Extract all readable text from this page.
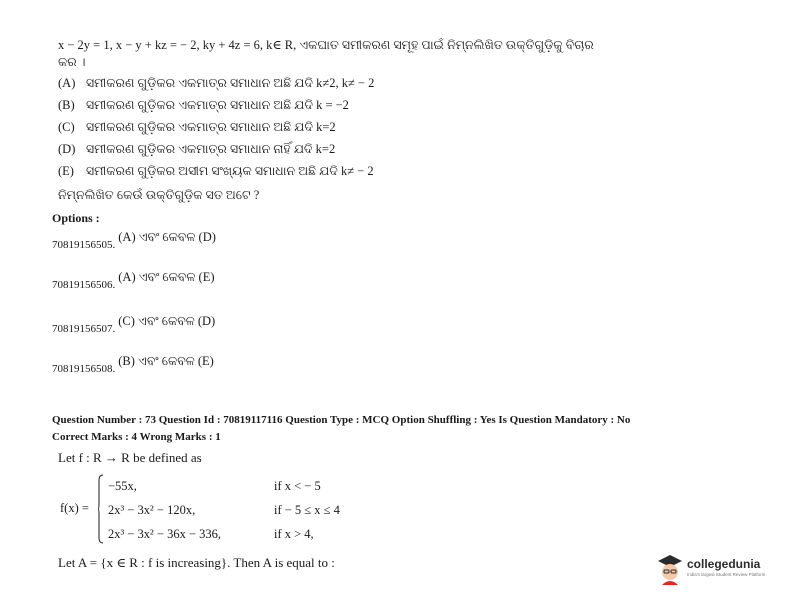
x − 2y = 1, x − y + kz = − 2, ky + 4z = 6, k∈ R, ଏକଘାତ ସମୀକରଣ ସମୂହ ପାଇଁ ନିମ୍ନଲିଖିତ ଉକ୍ତିଗୁଡ଼ିକୁ ବିଚାର
କର ।
(A) ସମୀକରଣ ଗୁଡ଼ିକର ଏକମାତ୍ର ସମାଧାନ ଅଛି ଯଦି k≠2, k≠ − 2
(B) ସମୀକରଣ ଗୁଡ଼ିକର ଏକମାତ୍ର ସମାଧାନ ଅଛି ଯଦି k = −2
(C) ସମୀକରଣ ଗୁଡ଼ିକର ଏକମାତ୍ର ସମାଧାନ ଅଛି ଯଦି k=2
(D) ସମୀକରଣ ଗୁଡ଼ିକର ଏକମାତ୍ର ସମାଧାନ ନାହିଁ ଯଦି k=2
(E) ସମୀକରଣ ଗୁଡ଼ିକର ଅସୀମ ସଂଖ୍ୟକ ସମାଧାନ ଅଛି ଯଦି k≠ − 2
ନିମ୍ନଲିଖିତ କେଉଁ ଉକ୍ତିଗୁଡ଼ିକ ସତ ଅଟେ ?
Options :
70819156505.(A) ଏବଂ କେବଳ (D)
70819156506.(A) ଏବଂ କେବଳ (E)
70819156507.(C) ଏବଂ କେବଳ (D)
70819156508.(B) ଏବଂ କେବଳ (E)
Question Number : 73 Question Id : 70819117116 Question Type : MCQ Option Shuffling : Yes Is Question Mandatory : No
Correct Marks : 4 Wrong Marks : 1
Let f : R → R be defined as
f(x) =
−55x,	if x < − 5
2x³ − 3x² − 120x,	if − 5 ≤ x ≤ 4
2x³ − 3x² − 36x − 336,	if x > 4,
Let A = {x ∈ R : f is increasing}. Then A is equal to :	collegedunia
India's largest Student Review Platform
